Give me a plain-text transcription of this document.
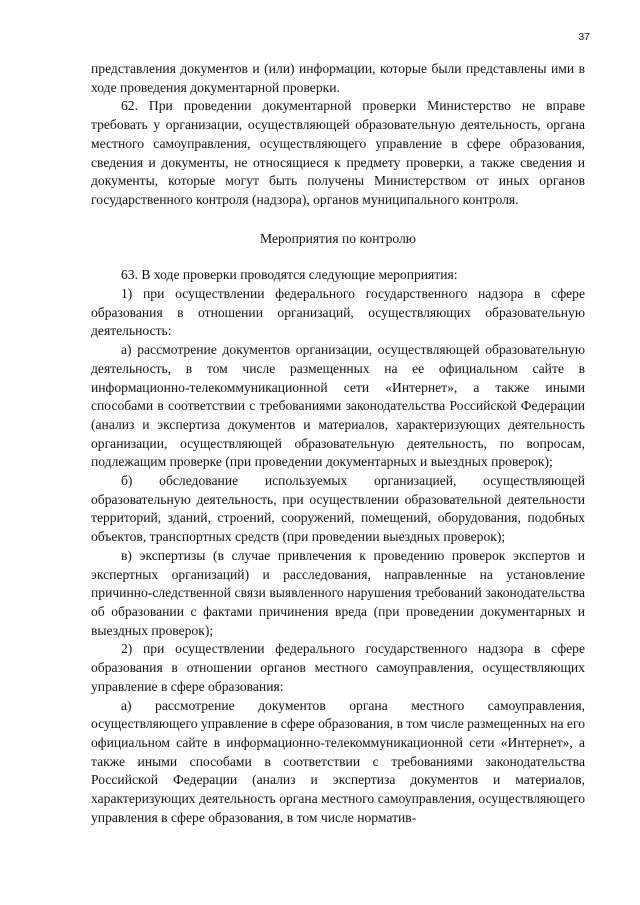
37

представления документов и (или) информации, которые были представлены ими в ходе проведения документарной проверки.

62. При проведении документарной проверки Министерство не вправе требовать у организации, осуществляющей образовательную деятельность, органа местного самоуправления, осуществляющего управление в сфере образования, сведения и документы, не относящиеся к предмету проверки, а также сведения и документы, которые могут быть получены Министерством от иных органов государственного контроля (надзора), органов муниципального контроля.

Мероприятия по контролю

63. В ходе проверки проводятся следующие мероприятия:

1) при осуществлении федерального государственного надзора в сфере образования в отношении организаций, осуществляющих образовательную деятельность:

а) рассмотрение документов организации, осуществляющей образовательную деятельность, в том числе размещенных на ее официальном сайте в информационно-телекоммуникационной сети «Интернет», а также иными способами в соответствии с требованиями законодательства Российской Федерации (анализ и экспертиза документов и материалов, характеризующих деятельность организации, осуществляющей образовательную деятельность, по вопросам, подлежащим проверке (при проведении документарных и выездных проверок);

б) обследование используемых организацией, осуществляющей образовательную деятельность, при осуществлении образовательной деятельности территорий, зданий, строений, сооружений, помещений, оборудования, подобных объектов, транспортных средств (при проведении выездных проверок);

в) экспертизы (в случае привлечения к проведению проверок экспертов и экспертных организаций) и расследования, направленные на установление причинно-следственной связи выявленного нарушения требований законодательства об образовании с фактами причинения вреда (при проведении документарных и выездных проверок);

2) при осуществлении федерального государственного надзора в сфере образования в отношении органов местного самоуправления, осуществляющих управление в сфере образования:

а) рассмотрение документов органа местного самоуправления, осуществляющего управление в сфере образования, в том числе размещенных на его официальном сайте в информационно-телекоммуникационной сети «Интернет», а также иными способами в соответствии с требованиями законодательства Российской Федерации (анализ и экспертиза документов и материалов, характеризующих деятельность органа местного самоуправления, осуществляющего управления в сфере образования, в том числе норматив-
